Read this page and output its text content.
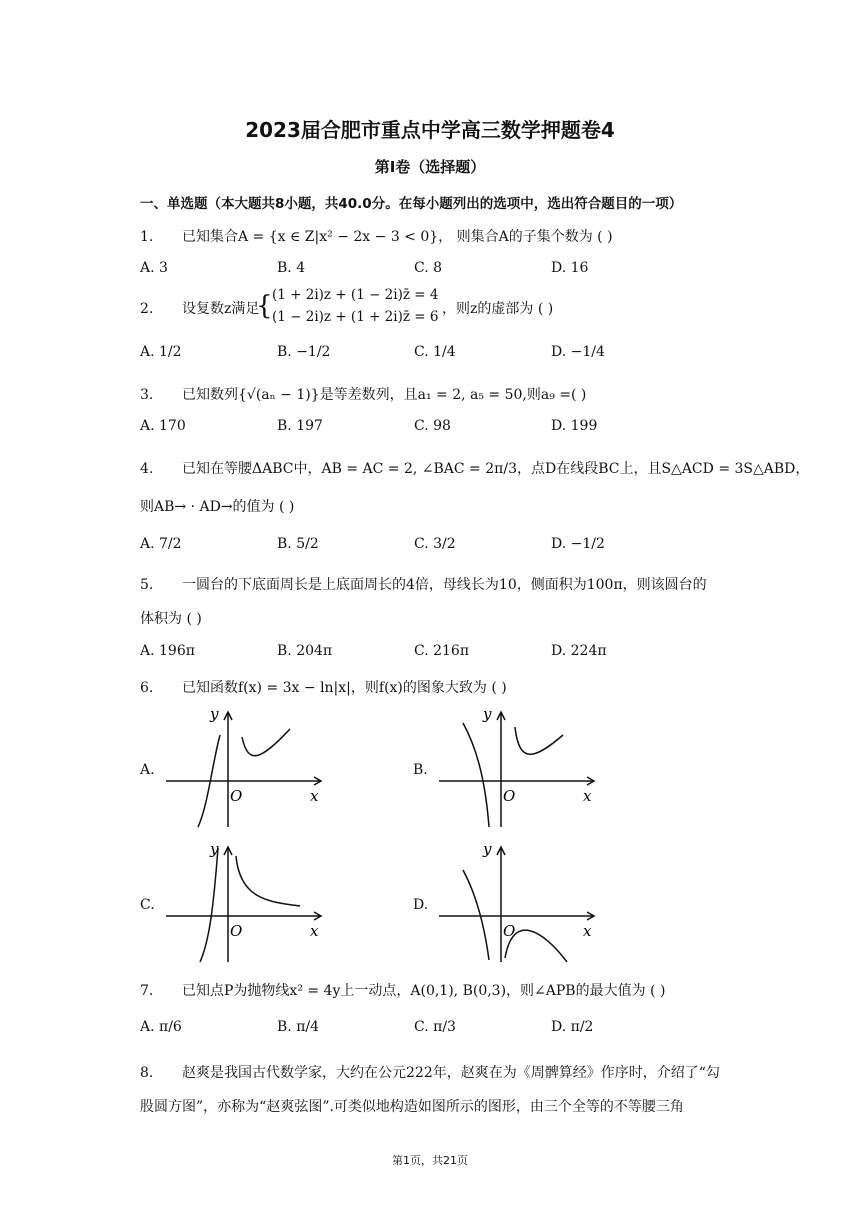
2023届合肥市重点中学高三数学押题卷4
第I卷（选择题）
一、单选题（本大题共8小题，共40.0分。在每小题列出的选项中，选出符合题目的一项）
1. 已知集合A = {x ∈ Z|x² − 2x − 3 < 0}， 则集合A的子集个数为 ( )
A. 3	B. 4	C. 8	D. 16
2. 设复数z满足
{ (1 + 2i)z + (1 − 2i)z̄ = 4
(1 − 2i)z + (1 + 2i)z̄ = 6 ，则z的虚部为 ( )
A. 1/2	B. −1/2	C. 1/4	D. −1/4
3. 已知数列{√(aₙ − 1)}是等差数列，且a₁ = 2, a₅ = 50,则a₉ =( )
A. 170	B. 197	C. 98	D. 199
4. 已知在等腰ΔABC中，AB = AC = 2, ∠BAC = 2π/3，点D在线段BC上，且S△ACD = 3S△ABD，
则AB→ · AD→的值为 ( )
A. 7/2	B. 5/2	C. 3/2	D. −1/2
5. 一圆台的下底面周长是上底面周长的4倍，母线长为10，侧面积为100π，则该圆台的
体积为 ( )
A. 196π	B. 204π	C. 216π	D. 224π
6. 已知函数f(x) = 3x − ln|x|，则f(x)的图象大致为 ( )
A.	B.
C.	D.
y
x
O
y
x
O
y
x
O
y
x
O
7. 已知点P为抛物线x² = 4y上一动点，A(0,1), B(0,3)，则∠APB的最大值为 ( )
A. π/6	B. π/4	C. π/3	D. π/2
8. 赵爽是我国古代数学家，大约在公元222年，赵爽在为《周髀算经》作序时，介绍了“勾
股圆方图”，亦称为“赵爽弦图”.可类似地构造如图所示的图形，由三个全等的不等腰三角
第1页，共21页
